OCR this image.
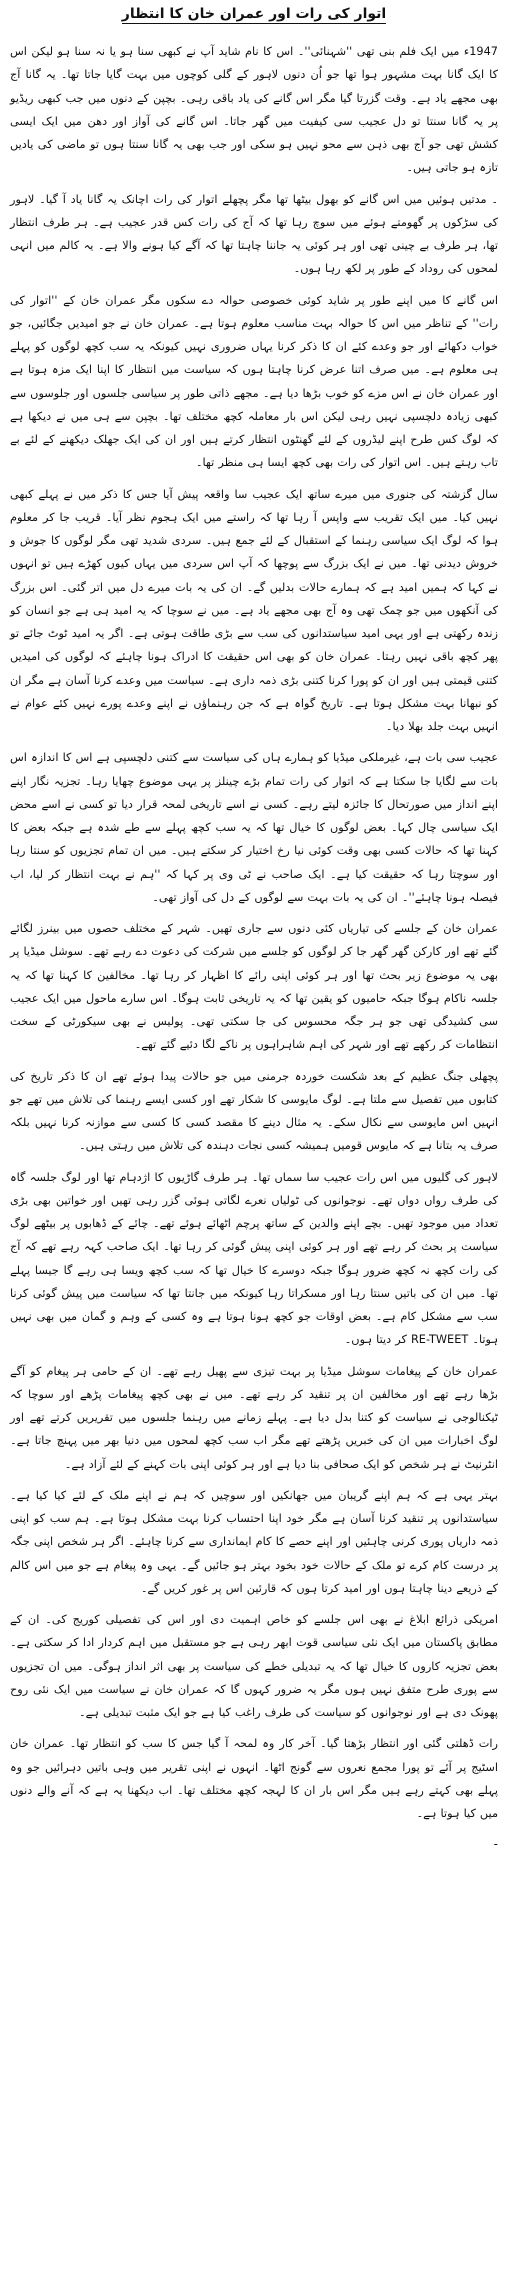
اتوار کی رات اور عمران خان کا انتظار

1947ء میں ایک فلم بنی تھی ''شہنائی''۔ اس کا نام شاید آپ نے کبھی سنا ہو یا نہ سنا ہو لیکن اس کا ایک گانا بہت مشہور ہوا تھا جو اُن دنوں لاہور کے گلی کوچوں میں بہت گایا جاتا تھا۔ یہ گانا آج بھی مجھے یاد ہے۔ وقت گزرتا گیا مگر اس گانے کی یاد باقی رہی۔ بچپن کے دنوں میں جب کبھی ریڈیو پر یہ گانا سنتا تو دل عجیب سی کیفیت میں گھر جاتا۔ اس گانے کی آواز اور دھن میں ایک ایسی کشش تھی جو آج بھی ذہن سے محو نہیں ہو سکی اور جب بھی یہ گانا سنتا ہوں تو ماضی کی یادیں تازہ ہو جاتی ہیں۔

۔ مدتیں ہوئیں میں اس گانے کو بھول بیٹھا تھا مگر پچھلے اتوار کی رات اچانک یہ گانا یاد آ گیا۔ لاہور کی سڑکوں پر گھومتے ہوئے میں سوچ رہا تھا کہ آج کی رات کس قدر عجیب ہے۔ ہر طرف انتظار تھا، ہر طرف بے چینی تھی اور ہر کوئی یہ جاننا چاہتا تھا کہ آگے کیا ہونے والا ہے۔ یہ کالم میں انہی لمحوں کی روداد کے طور پر لکھ رہا ہوں۔

اس گانے کا میں اپنے طور پر شاید کوئی خصوصی حوالہ دے سکوں مگر عمران خان کے ''اتوار کی رات'' کے تناظر میں اس کا حوالہ بہت مناسب معلوم ہوتا ہے۔ عمران خان نے جو امیدیں جگائیں، جو خواب دکھائے اور جو وعدے کئے ان کا ذکر کرنا یہاں ضروری نہیں کیونکہ یہ سب کچھ لوگوں کو پہلے ہی معلوم ہے۔ میں صرف اتنا عرض کرنا چاہتا ہوں کہ سیاست میں انتظار کا اپنا ایک مزہ ہوتا ہے اور عمران خان نے اس مزے کو خوب بڑھا دیا ہے۔ مجھے ذاتی طور پر سیاسی جلسوں اور جلوسوں سے کبھی زیادہ دلچسپی نہیں رہی لیکن اس بار معاملہ کچھ مختلف تھا۔ بچپن سے ہی میں نے دیکھا ہے کہ لوگ کس طرح اپنے لیڈروں کے لئے گھنٹوں انتظار کرتے ہیں اور ان کی ایک جھلک دیکھنے کے لئے بے تاب رہتے ہیں۔ اس اتوار کی رات بھی کچھ ایسا ہی منظر تھا۔

سال گزشتہ کی جنوری میں میرے ساتھ ایک عجیب سا واقعہ پیش آیا جس کا ذکر میں نے پہلے کبھی نہیں کیا۔ میں ایک تقریب سے واپس آ رہا تھا کہ راستے میں ایک ہجوم نظر آیا۔ قریب جا کر معلوم ہوا کہ لوگ ایک سیاسی رہنما کے استقبال کے لئے جمع ہیں۔ سردی شدید تھی مگر لوگوں کا جوش و خروش دیدنی تھا۔ میں نے ایک بزرگ سے پوچھا کہ آپ اس سردی میں یہاں کیوں کھڑے ہیں تو انہوں نے کہا کہ ہمیں امید ہے کہ ہمارے حالات بدلیں گے۔ ان کی یہ بات میرے دل میں اتر گئی۔ اس بزرگ کی آنکھوں میں جو چمک تھی وہ آج بھی مجھے یاد ہے۔ میں نے سوچا کہ یہ امید ہی ہے جو انسان کو زندہ رکھتی ہے اور یہی امید سیاستدانوں کی سب سے بڑی طاقت ہوتی ہے۔ اگر یہ امید ٹوٹ جائے تو پھر کچھ باقی نہیں رہتا۔ عمران خان کو بھی اس حقیقت کا ادراک ہونا چاہئے کہ لوگوں کی امیدیں کتنی قیمتی ہیں اور ان کو پورا کرنا کتنی بڑی ذمہ داری ہے۔ سیاست میں وعدے کرنا آسان ہے مگر ان کو نبھانا بہت مشکل ہوتا ہے۔ تاریخ گواہ ہے کہ جن رہنماؤں نے اپنے وعدے پورے نہیں کئے عوام نے انہیں بہت جلد بھلا دیا۔

عجیب سی بات ہے، غیرملکی میڈیا کو ہمارے ہاں کی سیاست سے کتنی دلچسپی ہے اس کا اندازہ اس بات سے لگایا جا سکتا ہے کہ اتوار کی رات تمام بڑے چینلز پر یہی موضوع چھایا رہا۔ تجزیہ نگار اپنے اپنے انداز میں صورتحال کا جائزہ لیتے رہے۔ کسی نے اسے تاریخی لمحہ قرار دیا تو کسی نے اسے محض ایک سیاسی چال کہا۔ بعض لوگوں کا خیال تھا کہ یہ سب کچھ پہلے سے طے شدہ ہے جبکہ بعض کا کہنا تھا کہ حالات کسی بھی وقت کوئی نیا رخ اختیار کر سکتے ہیں۔ میں ان تمام تجزیوں کو سنتا رہا اور سوچتا رہا کہ حقیقت کیا ہے۔ ایک صاحب نے ٹی وی پر کہا کہ ''ہم نے بہت انتظار کر لیا، اب فیصلہ ہونا چاہئے''۔ ان کی یہ بات بہت سے لوگوں کے دل کی آواز تھی۔

عمران خان کے جلسے کی تیاریاں کئی دنوں سے جاری تھیں۔ شہر کے مختلف حصوں میں بینرز لگائے گئے تھے اور کارکن گھر گھر جا کر لوگوں کو جلسے میں شرکت کی دعوت دے رہے تھے۔ سوشل میڈیا پر بھی یہ موضوع زیر بحث تھا اور ہر کوئی اپنی رائے کا اظہار کر رہا تھا۔ مخالفین کا کہنا تھا کہ یہ جلسہ ناکام ہوگا جبکہ حامیوں کو یقین تھا کہ یہ تاریخی ثابت ہوگا۔ اس سارے ماحول میں ایک عجیب سی کشیدگی تھی جو ہر جگہ محسوس کی جا سکتی تھی۔ پولیس نے بھی سیکورٹی کے سخت انتظامات کر رکھے تھے اور شہر کی اہم شاہراہوں پر ناکے لگا دئیے گئے تھے۔

پچھلی جنگ عظیم کے بعد شکست خوردہ جرمنی میں جو حالات پیدا ہوئے تھے ان کا ذکر تاریخ کی کتابوں میں تفصیل سے ملتا ہے۔ لوگ مایوسی کا شکار تھے اور کسی ایسے رہنما کی تلاش میں تھے جو انہیں اس مایوسی سے نکال سکے۔ یہ مثال دینے کا مقصد کسی کا کسی سے موازنہ کرنا نہیں بلکہ صرف یہ بتانا ہے کہ مایوس قومیں ہمیشہ کسی نجات دہندہ کی تلاش میں رہتی ہیں۔

لاہور کی گلیوں میں اس رات عجیب سا سماں تھا۔ ہر طرف گاڑیوں کا اژدہام تھا اور لوگ جلسہ گاہ کی طرف رواں دواں تھے۔ نوجوانوں کی ٹولیاں نعرے لگاتی ہوئی گزر رہی تھیں اور خواتین بھی بڑی تعداد میں موجود تھیں۔ بچے اپنے والدین کے ساتھ پرچم اٹھائے ہوئے تھے۔ چائے کے ڈھابوں پر بیٹھے لوگ سیاست پر بحث کر رہے تھے اور ہر کوئی اپنی پیش گوئی کر رہا تھا۔ ایک صاحب کہہ رہے تھے کہ آج کی رات کچھ نہ کچھ ضرور ہوگا جبکہ دوسرے کا خیال تھا کہ سب کچھ ویسا ہی رہے گا جیسا پہلے تھا۔ میں ان کی باتیں سنتا رہا اور مسکراتا رہا کیونکہ میں جانتا تھا کہ سیاست میں پیش گوئی کرنا سب سے مشکل کام ہے۔ بعض اوقات جو کچھ ہونا ہوتا ہے وہ کسی کے وہم و گمان میں بھی نہیں ہوتا۔ RE-TWEET کر دیتا ہوں۔

عمران خان کے پیغامات سوشل میڈیا پر بہت تیزی سے پھیل رہے تھے۔ ان کے حامی ہر پیغام کو آگے بڑھا رہے تھے اور مخالفین ان پر تنقید کر رہے تھے۔ میں نے بھی کچھ پیغامات پڑھے اور سوچا کہ ٹیکنالوجی نے سیاست کو کتنا بدل دیا ہے۔ پہلے زمانے میں رہنما جلسوں میں تقریریں کرتے تھے اور لوگ اخبارات میں ان کی خبریں پڑھتے تھے مگر اب سب کچھ لمحوں میں دنیا بھر میں پہنچ جاتا ہے۔ انٹرنیٹ نے ہر شخص کو ایک صحافی بنا دیا ہے اور ہر کوئی اپنی بات کہنے کے لئے آزاد ہے۔

بہتر یہی ہے کہ ہم اپنے گریبان میں جھانکیں اور سوچیں کہ ہم نے اپنے ملک کے لئے کیا کیا ہے۔ سیاستدانوں پر تنقید کرنا آسان ہے مگر خود اپنا احتساب کرنا بہت مشکل ہوتا ہے۔ ہم سب کو اپنی ذمہ داریاں پوری کرنی چاہئیں اور اپنے حصے کا کام ایمانداری سے کرنا چاہئے۔ اگر ہر شخص اپنی جگہ پر درست کام کرے تو ملک کے حالات خود بخود بہتر ہو جائیں گے۔ یہی وہ پیغام ہے جو میں اس کالم کے ذریعے دینا چاہتا ہوں اور امید کرتا ہوں کہ قارئین اس پر غور کریں گے۔

امریکی ذرائع ابلاغ نے بھی اس جلسے کو خاص اہمیت دی اور اس کی تفصیلی کوریج کی۔ ان کے مطابق پاکستان میں ایک نئی سیاسی قوت ابھر رہی ہے جو مستقبل میں اہم کردار ادا کر سکتی ہے۔ بعض تجزیہ کاروں کا خیال تھا کہ یہ تبدیلی خطے کی سیاست پر بھی اثر انداز ہوگی۔ میں ان تجزیوں سے پوری طرح متفق نہیں ہوں مگر یہ ضرور کہوں گا کہ عمران خان نے سیاست میں ایک نئی روح پھونک دی ہے اور نوجوانوں کو سیاست کی طرف راغب کیا ہے جو ایک مثبت تبدیلی ہے۔

رات ڈھلتی گئی اور انتظار بڑھتا گیا۔ آخر کار وہ لمحہ آ گیا جس کا سب کو انتظار تھا۔ عمران خان اسٹیج پر آئے تو پورا مجمع نعروں سے گونج اٹھا۔ انہوں نے اپنی تقریر میں وہی باتیں دہرائیں جو وہ پہلے بھی کہتے رہے ہیں مگر اس بار ان کا لہجہ کچھ مختلف تھا۔ اب دیکھنا یہ ہے کہ آنے والے دنوں میں کیا ہوتا ہے۔

-
